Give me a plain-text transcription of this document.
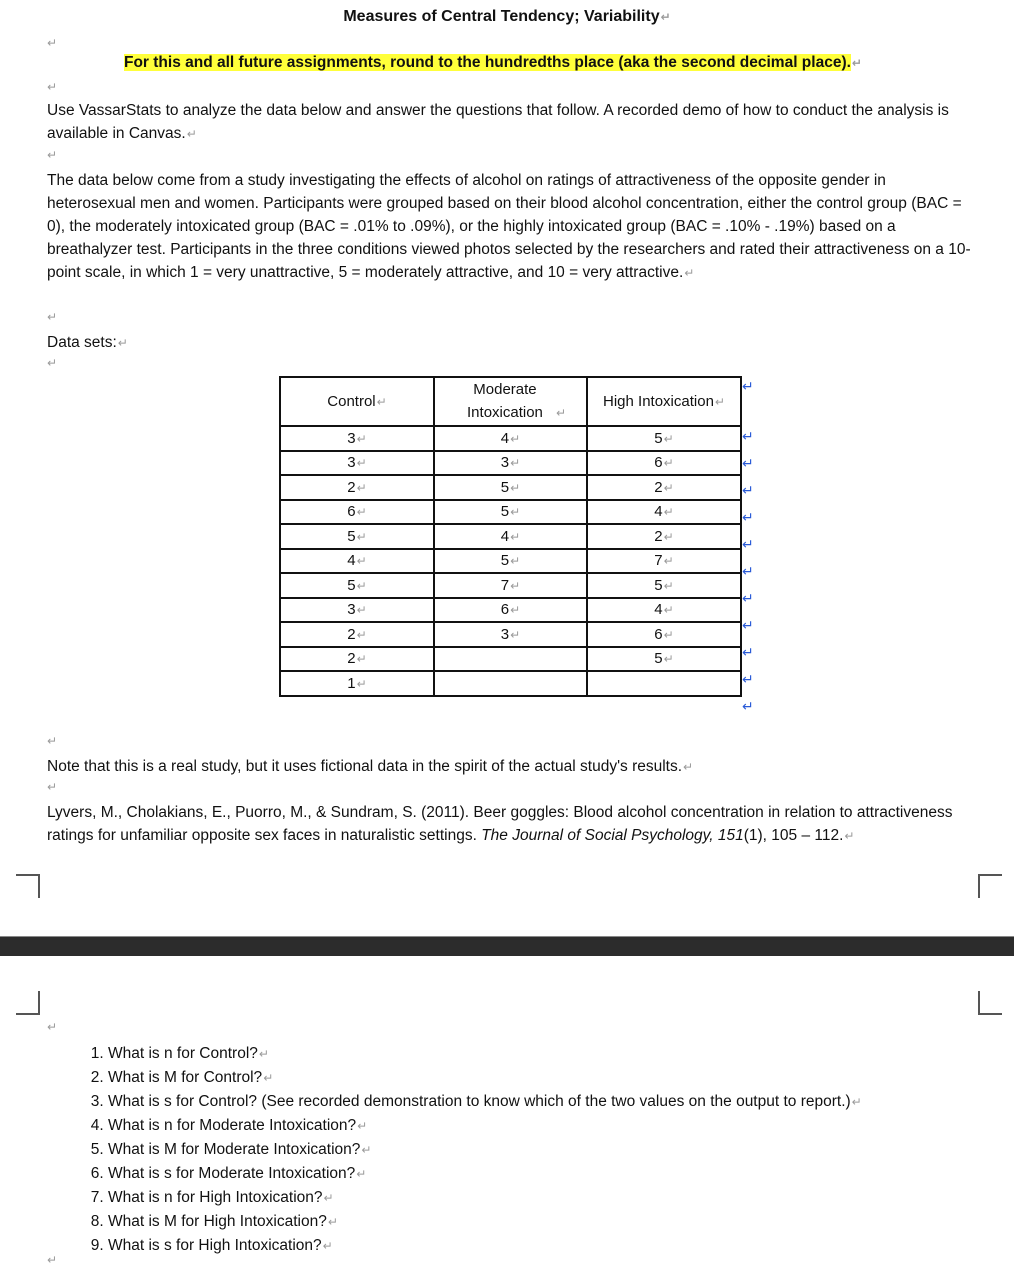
Measures of Central Tendency; Variability↵
↵
For this and all future assignments, round to the hundredths place (aka the second decimal place).↵
↵
Use VassarStats to analyze the data below and answer the questions that follow. A recorded demo of how to conduct the analysis is available in Canvas.↵
↵
The data below come from a study investigating the effects of alcohol on ratings of attractiveness of the opposite gender in heterosexual men and women. Participants were grouped based on their blood alcohol concentration, either the control group (BAC = 0), the moderately intoxicated group (BAC = .01% to .09%), or the highly intoxicated group (BAC = .10% - .19%) based on a breathalyzer test. Participants in the three conditions viewed photos selected by the researchers and rated their attractiveness on a 10-point scale, in which 1 = very unattractive, 5 = moderately attractive, and 10 = very attractive.↵
↵
Data sets:↵
↵
Control↵	Moderate Intoxication ↵	High Intoxication↵
3↵	4↵	5↵
3↵	3↵	6↵
2↵	5↵	2↵
6↵	5↵	4↵
5↵	4↵	2↵
4↵	5↵	7↵
5↵	7↵	5↵
3↵	6↵	4↵
2↵	3↵	6↵
2↵		5↵
1↵		
↵
↵
↵
↵
↵
↵
↵
↵
↵
↵
↵
↵
↵
Note that this is a real study, but it uses fictional data in the spirit of the actual study's results.↵
↵
Lyvers, M., Cholakians, E., Puorro, M., & Sundram, S. (2011). Beer goggles: Blood alcohol concentration in relation to attractiveness ratings for unfamiliar opposite sex faces in naturalistic settings. The Journal of Social Psychology, 151(1), 105 – 112.↵
↵
1. What is n for Control?↵
2. What is M for Control?↵
3. What is s for Control? (See recorded demonstration to know which of the two values on the output to report.)↵
4. What is n for Moderate Intoxication?↵
5. What is M for Moderate Intoxication?↵
6. What is s for Moderate Intoxication?↵
7. What is n for High Intoxication?↵
8. What is M for High Intoxication?↵
9. What is s for High Intoxication?↵
↵
